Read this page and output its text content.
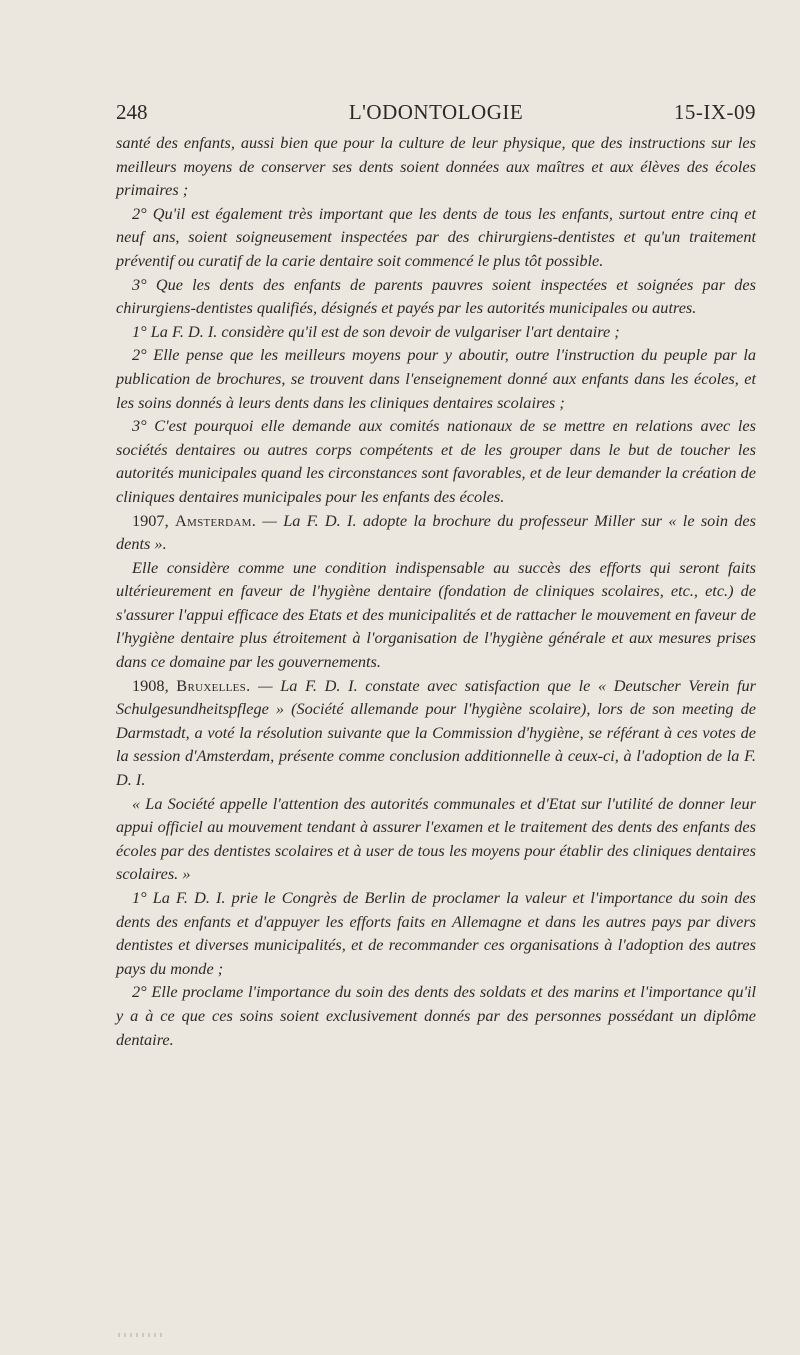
248	L'ODONTOLOGIE	15-IX-09

santé des enfants, aussi bien que pour la culture de leur physique, que des instructions sur les meilleurs moyens de conserver ses dents soient données aux maîtres et aux élèves des écoles primaires ;

2° Qu'il est également très important que les dents de tous les enfants, surtout entre cinq et neuf ans, soient soigneusement inspectées par des chirurgiens-dentistes et qu'un traitement préventif ou curatif de la carie dentaire soit commencé le plus tôt possible.

3° Que les dents des enfants de parents pauvres soient inspectées et soignées par des chirurgiens-dentistes qualifiés, désignés et payés par les autorités municipales ou autres.

1° La F. D. I. considère qu'il est de son devoir de vulgariser l'art dentaire ;

2° Elle pense que les meilleurs moyens pour y aboutir, outre l'instruction du peuple par la publication de brochures, se trouvent dans l'enseignement donné aux enfants dans les écoles, et les soins donnés à leurs dents dans les cliniques dentaires scolaires ;

3° C'est pourquoi elle demande aux comités nationaux de se mettre en relations avec les sociétés dentaires ou autres corps compétents et de les grouper dans le but de toucher les autorités municipales quand les circonstances sont favorables, et de leur demander la création de cliniques dentaires municipales pour les enfants des écoles.

1907, Amsterdam. — La F. D. I. adopte la brochure du professeur Miller sur « le soin des dents ».

Elle considère comme une condition indispensable au succès des efforts qui seront faits ultérieurement en faveur de l'hygiène dentaire (fondation de cliniques scolaires, etc., etc.) de s'assurer l'appui efficace des Etats et des municipalités et de rattacher le mouvement en faveur de l'hygiène dentaire plus étroitement à l'organisation de l'hygiène générale et aux mesures prises dans ce domaine par les gouvernements.

1908, Bruxelles. — La F. D. I. constate avec satisfaction que le « Deutscher Verein fur Schulgesundheitspflege » (Société allemande pour l'hygiène scolaire), lors de son meeting de Darmstadt, a voté la résolution suivante que la Commission d'hygiène, se référant à ces votes de la session d'Amsterdam, présente comme conclusion additionnelle à ceux-ci, à l'adoption de la F. D. I.

« La Société appelle l'attention des autorités communales et d'Etat sur l'utilité de donner leur appui officiel au mouvement tendant à assurer l'examen et le traitement des dents des enfants des écoles par des dentistes scolaires et à user de tous les moyens pour établir des cliniques dentaires scolaires. »

1° La F. D. I. prie le Congrès de Berlin de proclamer la valeur et l'importance du soin des dents des enfants et d'appuyer les efforts faits en Allemagne et dans les autres pays par divers dentistes et diverses municipalités, et de recommander ces organisations à l'adoption des autres pays du monde ;

2° Elle proclame l'importance du soin des dents des soldats et des marins et l'importance qu'il y a à ce que ces soins soient exclusivement donnés par des personnes possédant un diplôme dentaire.
